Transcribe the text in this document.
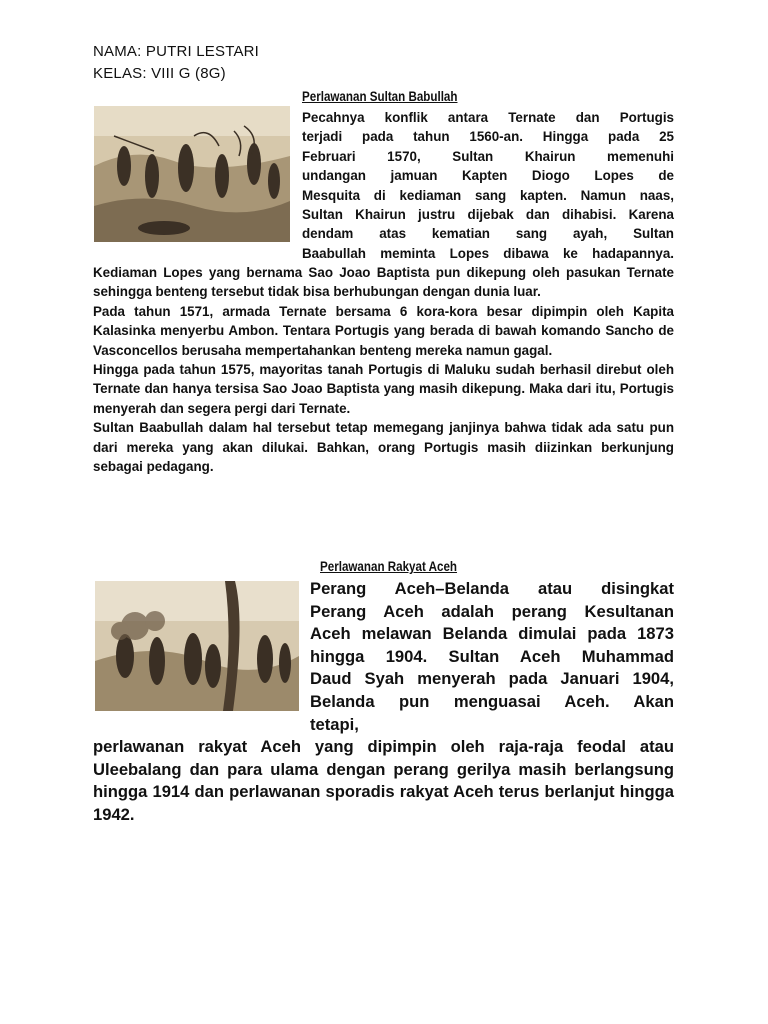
NAMA: PUTRI LESTARI
KELAS: VIII G (8G)
Perlawanan Sultan Babullah
Pecahnya konflik antara Ternate dan Portugis
terjadi pada tahun 1560-an. Hingga pada 25
Februari 1570, Sultan Khairun memenuhi
undangan jamuan Kapten Diogo Lopes de
Mesquita di kediaman sang kapten. Namun naas,
Sultan Khairun justru dijebak dan dihabisi. Karena
dendam atas kematian sang ayah, Sultan
Baabullah meminta Lopes dibawa ke hadapannya.

Kediaman Lopes yang bernama Sao Joao Baptista pun dikepung oleh pasukan Ternate sehingga benteng tersebut tidak bisa berhubungan dengan dunia luar.

Pada tahun 1571, armada Ternate bersama 6 kora-kora besar dipimpin oleh Kapita Kalasinka menyerbu Ambon. Tentara Portugis yang berada di bawah komando Sancho de Vasconcellos berusaha mempertahankan benteng mereka namun gagal.

Hingga pada tahun 1575, mayoritas tanah Portugis di Maluku sudah berhasil direbut oleh Ternate dan hanya tersisa Sao Joao Baptista yang masih dikepung. Maka dari itu, Portugis menyerah dan segera pergi dari Ternate.

Sultan Baabullah dalam hal tersebut tetap memegang janjinya bahwa tidak ada satu pun dari mereka yang akan dilukai. Bahkan, orang Portugis masih diizinkan berkunjung sebagai pedagang.

Perlawanan Rakyat Aceh
Perang Aceh–Belanda atau disingkat
Perang Aceh adalah perang Kesultanan
Aceh melawan Belanda dimulai pada 1873
hingga 1904. Sultan Aceh Muhammad
Daud Syah menyerah pada Januari 1904,
Belanda pun menguasai Aceh. Akan
tetapi,
perlawanan rakyat Aceh yang dipimpin oleh raja-raja feodal atau Uleebalang dan para ulama dengan perang gerilya masih berlangsung hingga 1914 dan perlawanan sporadis rakyat Aceh terus berlanjut hingga 1942.
